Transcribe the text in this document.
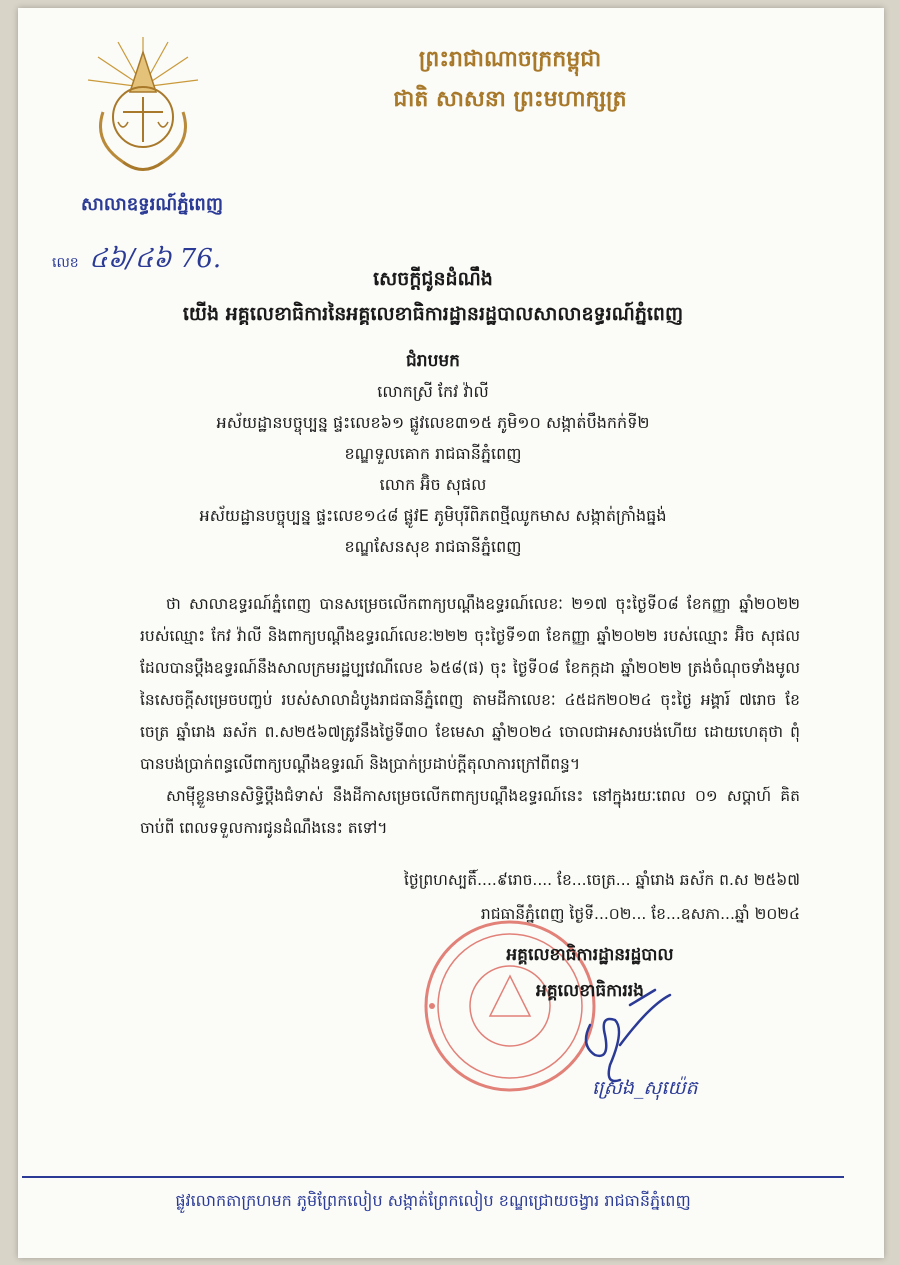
ព្រះរាជាណាចក្រកម្ពុជា
ជាតិ សាសនា ព្រះមហាក្សត្រ
សាលាឧទ្ធរណ៍ភ្នំពេញ
លេខ ៤៦/៤៦ 76.
សេចក្តីជូនដំណឹង
យើង អគ្គលេខាធិការនៃអគ្គលេខាធិការដ្ឋានរដ្ឋបាលសាលាឧទ្ធរណ៍ភ្នំពេញ
ជំរាបមក
លោកស្រី កែវ វ៉ាលី
អស័យដ្ឋានបច្ចុប្បន្ន ផ្ទះលេខ៦១ ផ្លូវលេខ៣១៥ ភូមិ១០ សង្កាត់បឹងកក់ទី២
ខណ្ឌទួលគោក រាជធានីភ្នំពេញ
លោក អ៊ិច សុផល
អស័យដ្ឋានបច្ចុប្បន្ន ផ្ទះលេខ១៤៨ ផ្លូវE ភូមិបុរីពិភពថ្មីឈូកមាស សង្កាត់ក្រាំងធ្នង់
ខណ្ឌសែនសុខ រាជធានីភ្នំពេញ

ថា សាលាឧទ្ធរណ៍ភ្នំពេញ បានសម្រេចលើកពាក្យបណ្តឹងឧទ្ធរណ៍លេខៈ ២១៧ ចុះថ្ងៃទី០៨ ខែកញ្ញា ឆ្នាំ២០២២ របស់ឈ្មោះ កែវ វ៉ាលី និងពាក្យបណ្តឹងឧទ្ធរណ៍លេខៈ២២២ ចុះថ្ងៃទី១៣ ខែកញ្ញា ឆ្នាំ២០២២ របស់ឈ្មោះ អ៊ិច សុផល ដែលបានប្តឹងឧទ្ធរណ៍នឹងសាលក្រមរដ្ឋប្បវេណីលេខ ៦៥៨(ផ) ចុះ ថ្ងៃទី០៨ ខែកក្កដា ឆ្នាំ២០២២ ត្រង់ចំណុចទាំងមូល នៃសេចក្តីសម្រេចបញ្ចប់ របស់សាលាដំបូងរាជធានីភ្នំពេញ តាមដីកាលេខៈ ៤៥ដក២០២៤ ចុះថ្ងៃ អង្គារ៍ ៧រោច ខែ ចេត្រ ឆ្នាំរោង ឆស័ក ព.ស២៥៦៧ត្រូវនឹងថ្ងៃទី៣០ ខែមេសា ឆ្នាំ២០២៤ ចោលជាអសារបង់ហើយ ដោយហេតុថា ពុំបានបង់ប្រាក់ពន្ធលើពាក្យបណ្តឹងឧទ្ធរណ៍ និងប្រាក់ប្រដាប់ក្តីតុលាការក្រៅពីពន្ធ។

សាម៉ីខ្លួនមានសិទ្ធិប្តឹងជំទាស់ នឹងដីកាសម្រេចលើកពាក្យបណ្តឹងឧទ្ធរណ៍នេះ នៅក្នុងរយៈពេល ០១ សប្តាហ៍ គិតចាប់ពី ពេលទទួលការជូនដំណឹងនេះ តទៅ។

ថ្ងៃព្រហស្បតិ៍....៩រោច.... ខែ...ចេត្រ... ឆ្នាំរោង ឆស័ក ព.ស ២៥៦៧
រាជធានីភ្នំពេញ ថ្ងៃទី...០២... ខែ...ឧសភា...ឆ្នាំ ២០២៤
អគ្គលេខាធិការដ្ឋានរដ្ឋបាល
អគ្គលេខាធិការរង
ស្រេង_សុយ៉េត
ផ្លូវលោកតាក្រហមក ភូមិព្រែកលៀប សង្កាត់ព្រែកលៀប ខណ្ឌជ្រោយចង្វារ រាជធានីភ្នំពេញ
